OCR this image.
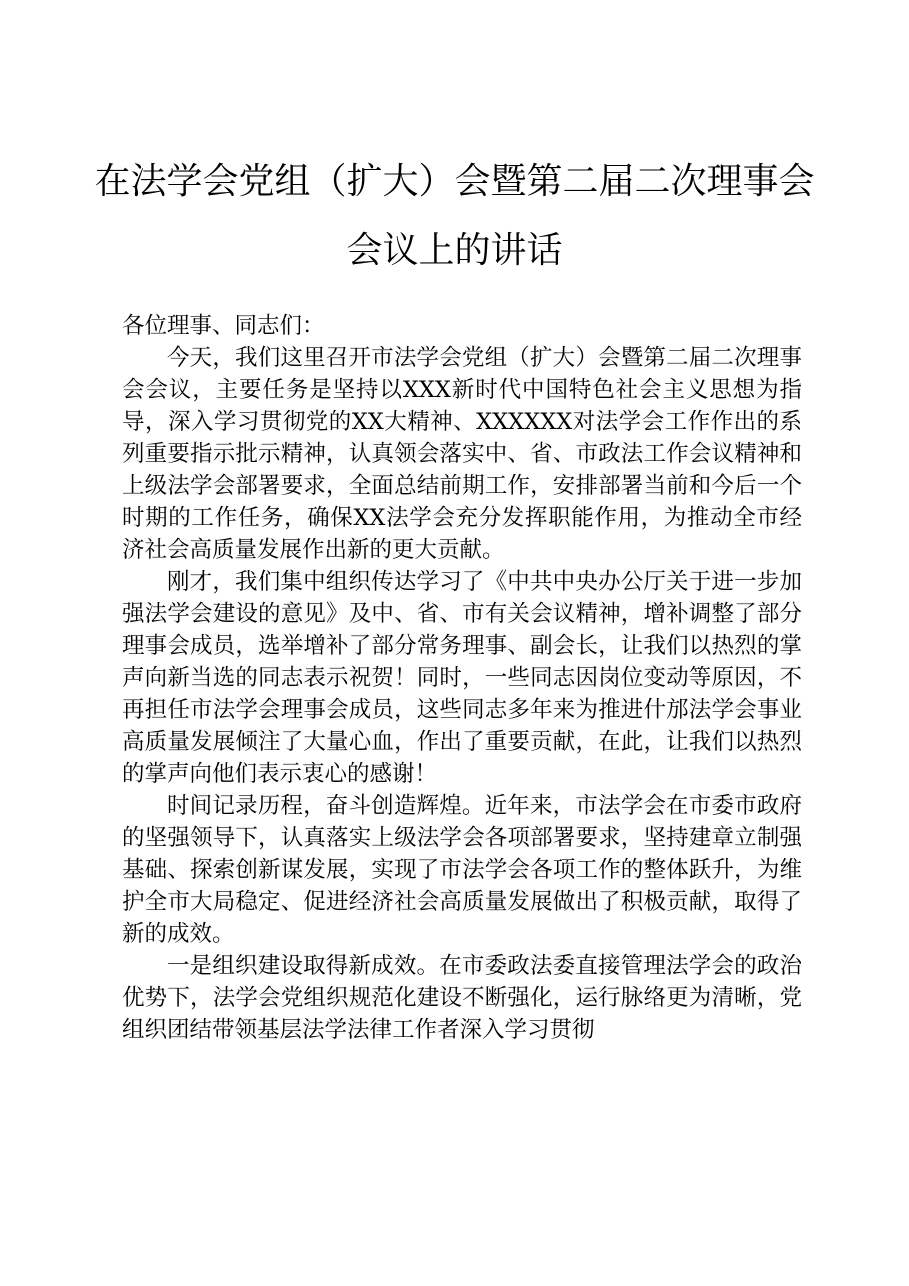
在法学会党组（扩大）会暨第二届二次理事会
会议上的讲话

各位理事、同志们：

今天，我们这里召开市法学会党组（扩大）会暨第二届二次理事会会议，主要任务是坚持以XXX新时代中国特色社会主义思想为指导，深入学习贯彻党的XX大精神、XXXXXX对法学会工作作出的系列重要指示批示精神，认真领会落实中、省、市政法工作会议精神和上级法学会部署要求，全面总结前期工作，安排部署当前和今后一个时期的工作任务，确保XX法学会充分发挥职能作用，为推动全市经济社会高质量发展作出新的更大贡献。

刚才，我们集中组织传达学习了《中共中央办公厅关于进一步加强法学会建设的意见》及中、省、市有关会议精神，增补调整了部分理事会成员，选举增补了部分常务理事、副会长，让我们以热烈的掌声向新当选的同志表示祝贺！同时，一些同志因岗位变动等原因，不再担任市法学会理事会成员，这些同志多年来为推进什邡法学会事业高质量发展倾注了大量心血，作出了重要贡献，在此，让我们以热烈的掌声向他们表示衷心的感谢！

时间记录历程，奋斗创造辉煌。近年来，市法学会在市委市政府的坚强领导下，认真落实上级法学会各项部署要求，坚持建章立制强基础、探索创新谋发展，实现了市法学会各项工作的整体跃升，为维护全市大局稳定、促进经济社会高质量发展做出了积极贡献，取得了新的成效。

一是组织建设取得新成效。在市委政法委直接管理法学会的政治优势下，法学会党组织规范化建设不断强化，运行脉络更为清晰，党组织团结带领基层法学法律工作者深入学习贯彻
